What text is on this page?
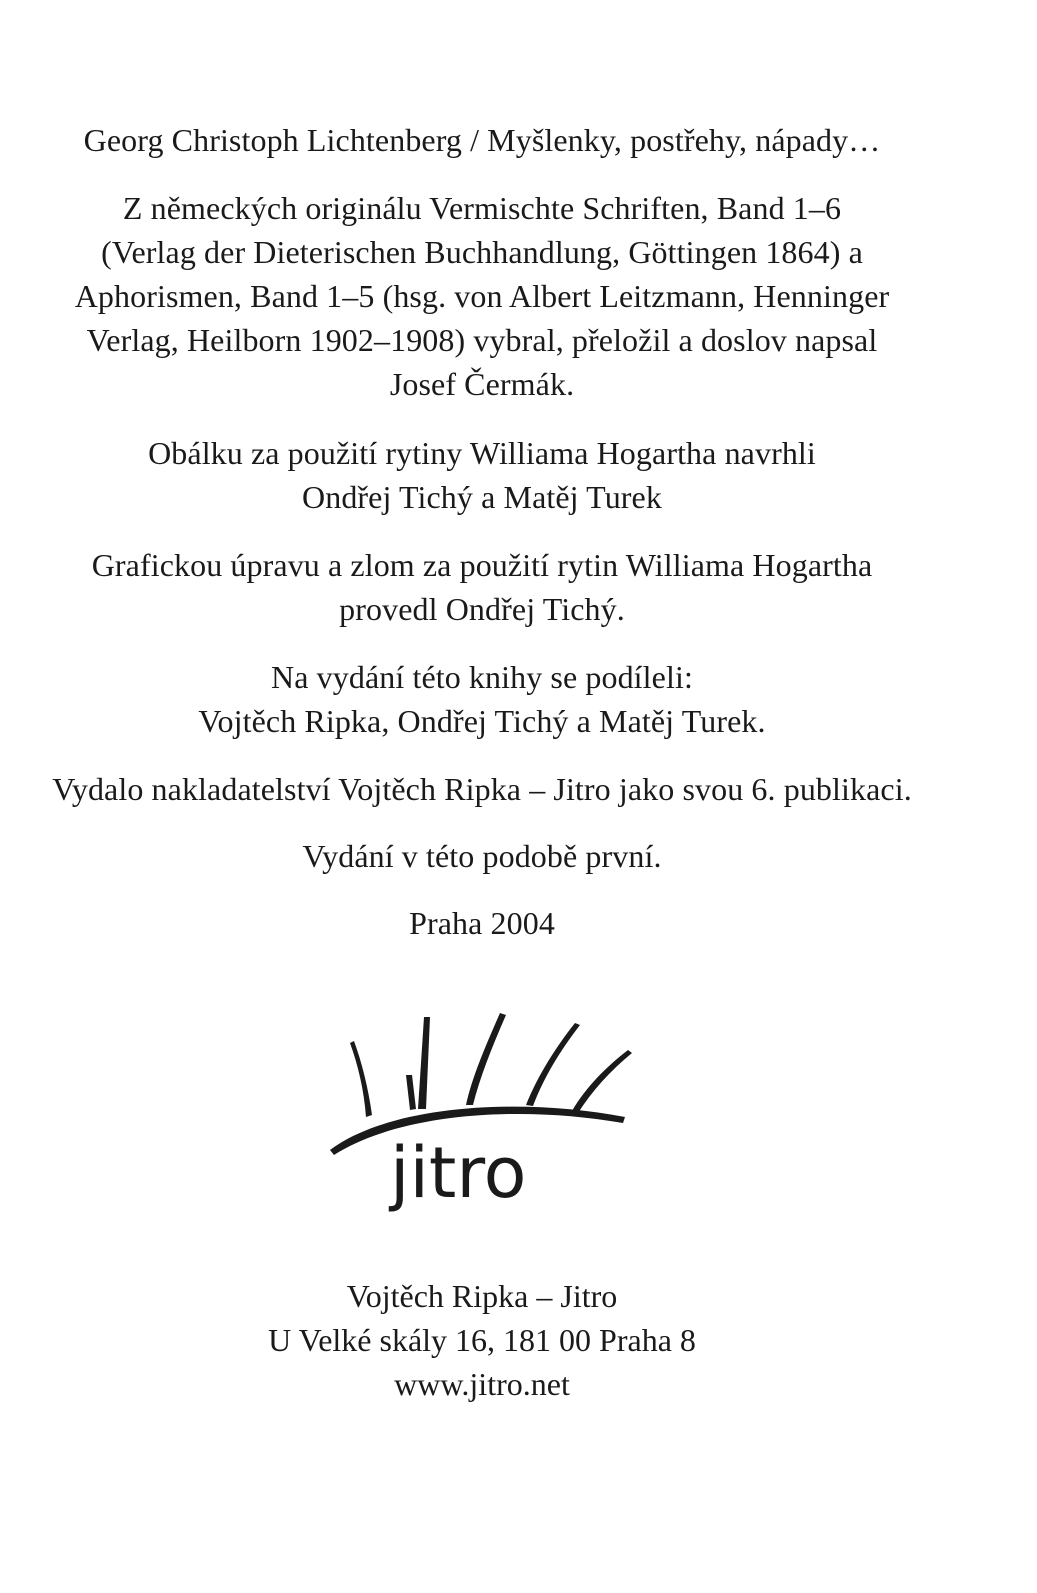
Georg Christoph Lichtenberg / Myšlenky, postřehy, nápady…
Z německých originálu Vermischte Schriften, Band 1–6
(Verlag der Dieterischen Buchhandlung, Göttingen 1864) a
Aphorismen, Band 1–5 (hsg. von Albert Leitzmann, Henninger
Verlag, Heilborn 1902–1908) vybral, přeložil a doslov napsal
Josef Čermák.
Obálku za použití rytiny Williama Hogartha navrhli
Ondřej Tichý a Matěj Turek
Grafickou úpravu a zlom za použití rytin Williama Hogartha
provedl Ondřej Tichý.
Na vydání této knihy se podíleli:
Vojtěch Ripka, Ondřej Tichý a Matěj Turek.
Vydalo nakladatelství Vojtěch Ripka – Jitro jako svou 6. publikaci.
Vydání v této podobě první.
Praha 2004
jitro
Vojtěch Ripka – Jitro
U Velké skály 16, 181 00 Praha 8
www.jitro.net
